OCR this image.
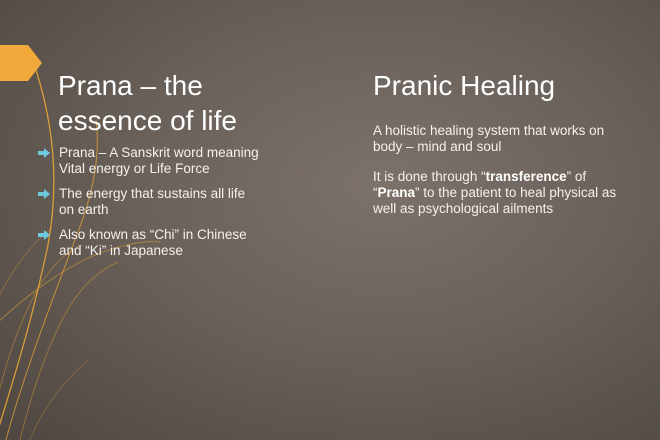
Prana – the essence of life
Prana – A Sanskrit word meaning Vital energy or Life Force
The energy that sustains all life on earth
Also known as “Chi” in Chinese and “Ki” in Japanese
Pranic Healing

A holistic healing system that works on body – mind and soul

It is done through “transference” of “Prana” to the patient to heal physical as well as psychological ailments
